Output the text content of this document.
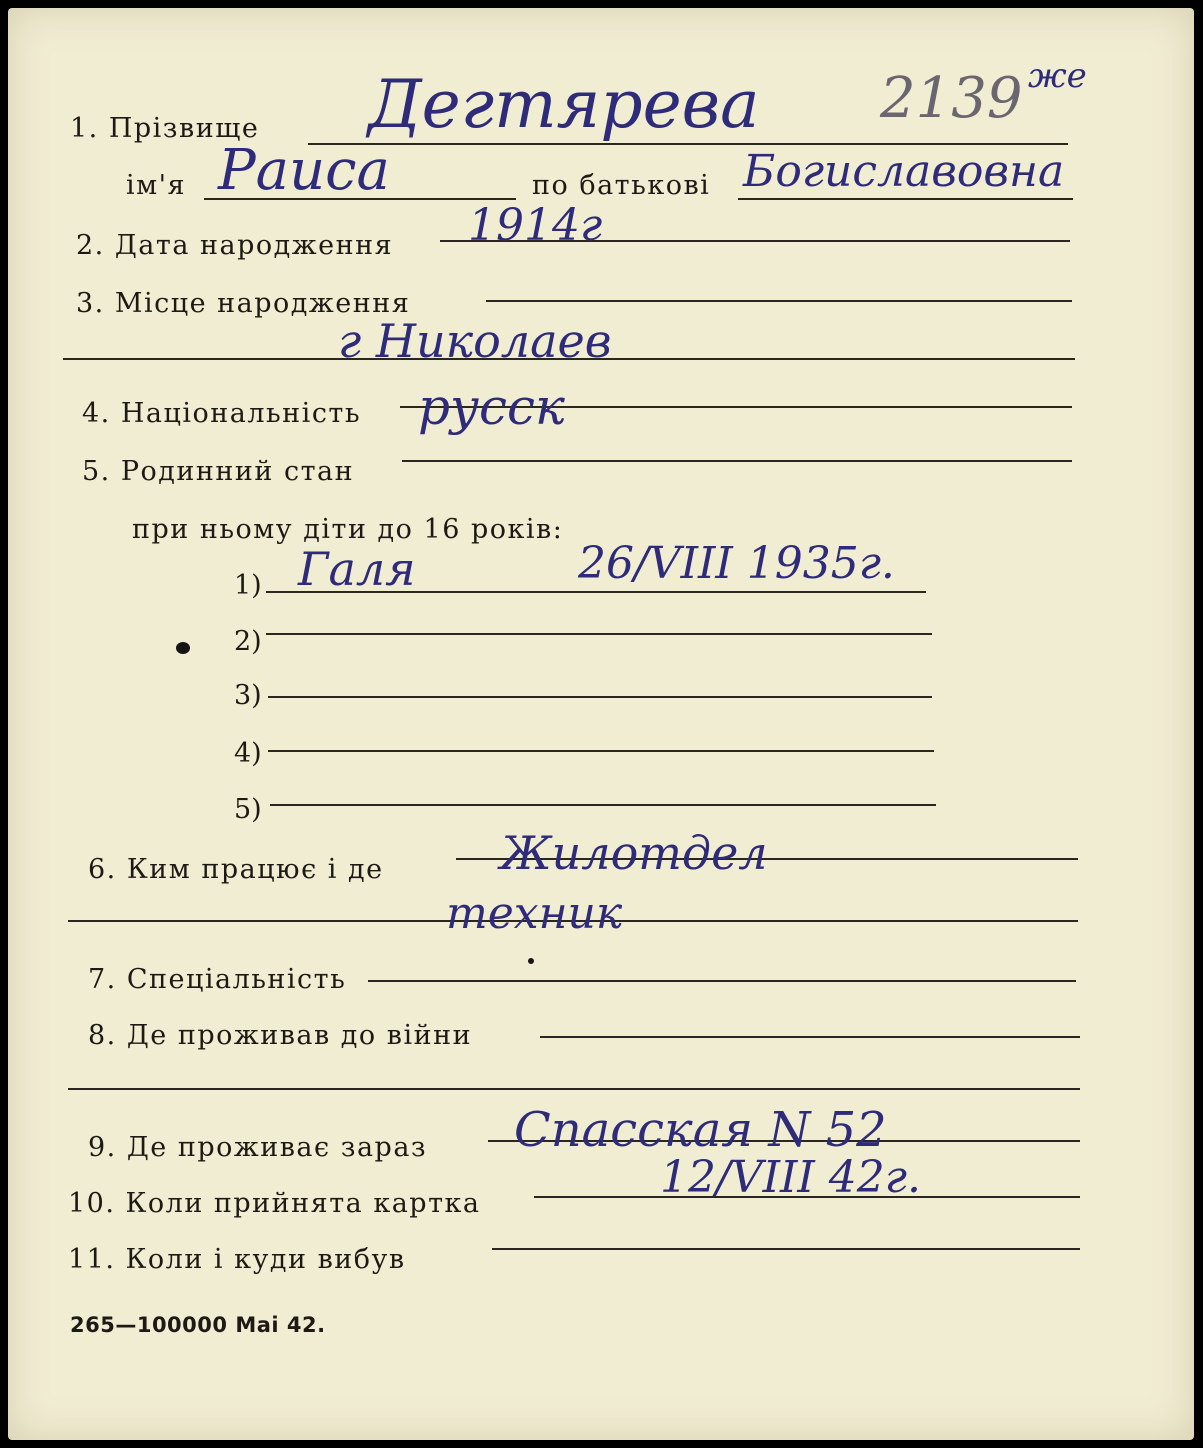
1. Прізвище Дегтярева 2139 же
ім'я Раиса	по батькові Богиславовна
2. Дата народження 1914г
3. Місце народження
г Николаев
4. Національність русск
5. Родинний стан
при ньому діти до 16 років:
1) Галя	26/VIII 1935г.
2)
3)
4)
5)
6. Ким працює і де	Жилотдел
техник
7. Спеціальність
8. Де проживав до війни
9. Де проживає зараз Спасская N 52
10. Коли прийнята картка
12/VIII 42г.
11. Коли і куди вибув
265—100000 Mai 42.
